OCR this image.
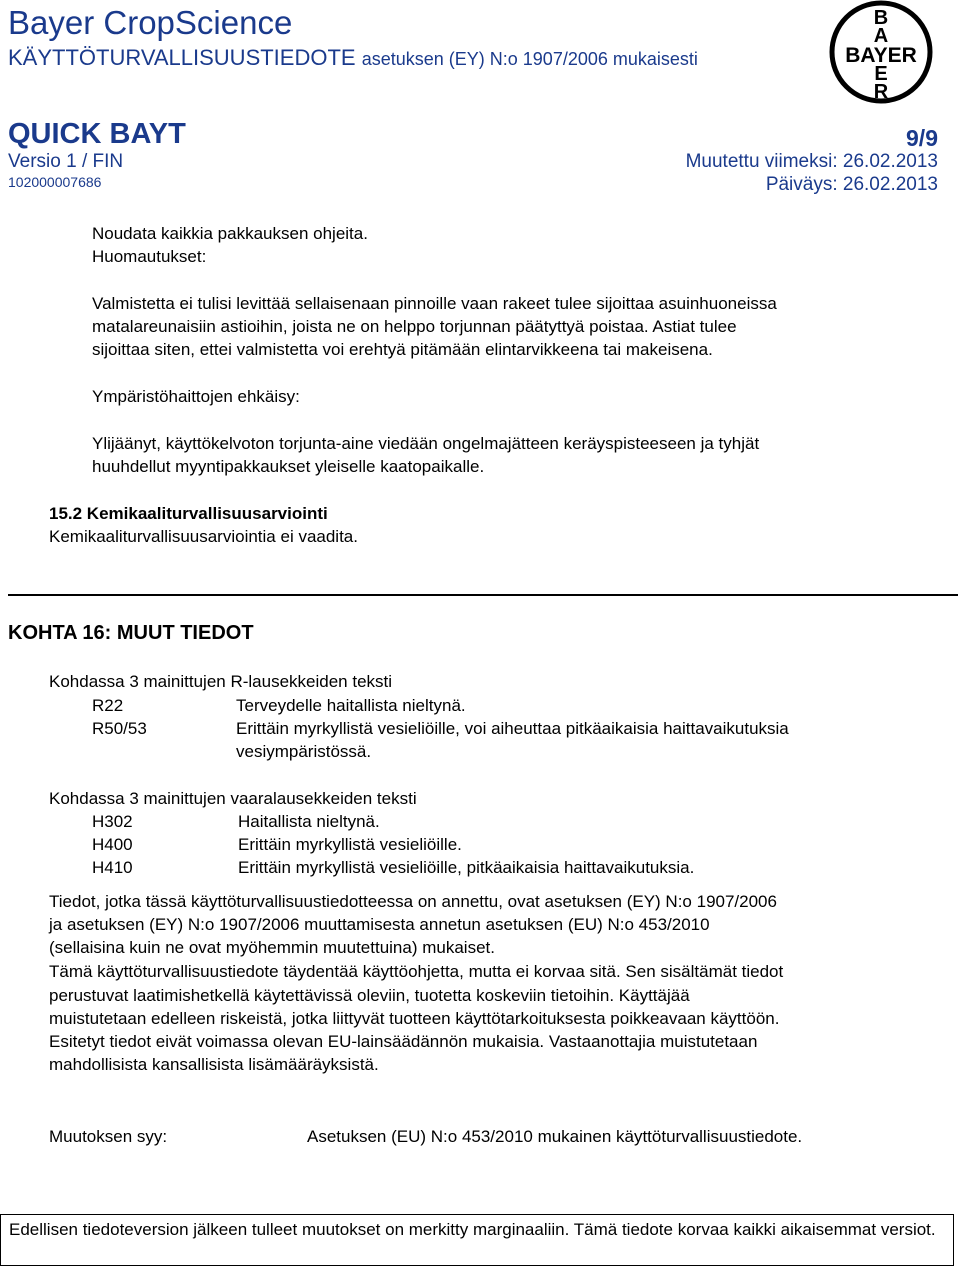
Bayer CropScience
KÄYTTÖTURVALLISUUSTIEDOTE asetuksen (EY) N:o 1907/2006 mukaisesti
B
A
BAYER
E
R
QUICK BAYT	9/9
Versio 1 / FIN	Muutettu viimeksi: 26.02.2013
102000007686	Päiväys: 26.02.2013
Noudata kaikkia pakkauksen ohjeita.
Huomautukset:
Valmistetta ei tulisi levittää sellaisenaan pinnoille vaan rakeet tulee sijoittaa asuinhuoneissa
matalareunaisiin astioihin, joista ne on helppo torjunnan päätyttyä poistaa. Astiat tulee
sijoittaa siten, ettei valmistetta voi erehtyä pitämään elintarvikkeena tai makeisena.
Ympäristöhaittojen ehkäisy:
Ylijäänyt, käyttökelvoton torjunta-aine viedään ongelmajätteen keräyspisteeseen ja tyhjät
huuhdellut myyntipakkaukset yleiselle kaatopaikalle.
15.2 Kemikaaliturvallisuusarviointi
Kemikaaliturvallisuusarviointia ei vaadita.
KOHTA 16: MUUT TIEDOT
Kohdassa 3 mainittujen R-lausekkeiden teksti
R22	Terveydelle haitallista nieltynä.
R50/53	Erittäin myrkyllistä vesieliöille, voi aiheuttaa pitkäaikaisia haittavaikutuksia
vesiympäristössä.
Kohdassa 3 mainittujen vaaralausekkeiden teksti
H302	Haitallista nieltynä.
H400	Erittäin myrkyllistä vesieliöille.
H410	Erittäin myrkyllistä vesieliöille, pitkäaikaisia haittavaikutuksia.
Tiedot, jotka tässä käyttöturvallisuustiedotteessa on annettu, ovat asetuksen (EY) N:o 1907/2006
ja asetuksen (EY) N:o 1907/2006 muuttamisesta annetun asetuksen (EU) N:o 453/2010
(sellaisina kuin ne ovat myöhemmin muutettuina) mukaiset.
Tämä käyttöturvallisuustiedote täydentää käyttöohjetta, mutta ei korvaa sitä. Sen sisältämät tiedot
perustuvat laatimishetkellä käytettävissä oleviin, tuotetta koskeviin tietoihin. Käyttäjää
muistutetaan edelleen riskeistä, jotka liittyvät tuotteen käyttötarkoituksesta poikkeavaan käyttöön.
Esitetyt tiedot eivät voimassa olevan EU-lainsäädännön mukaisia. Vastaanottajia muistutetaan
mahdollisista kansallisista lisämääräyksistä.
Muutoksen syy:	Asetuksen (EU) N:o 453/2010 mukainen käyttöturvallisuustiedote.
Edellisen tiedoteversion jälkeen tulleet muutokset on merkitty marginaaliin. Tämä tiedote korvaa kaikki aikaisemmat versiot.
